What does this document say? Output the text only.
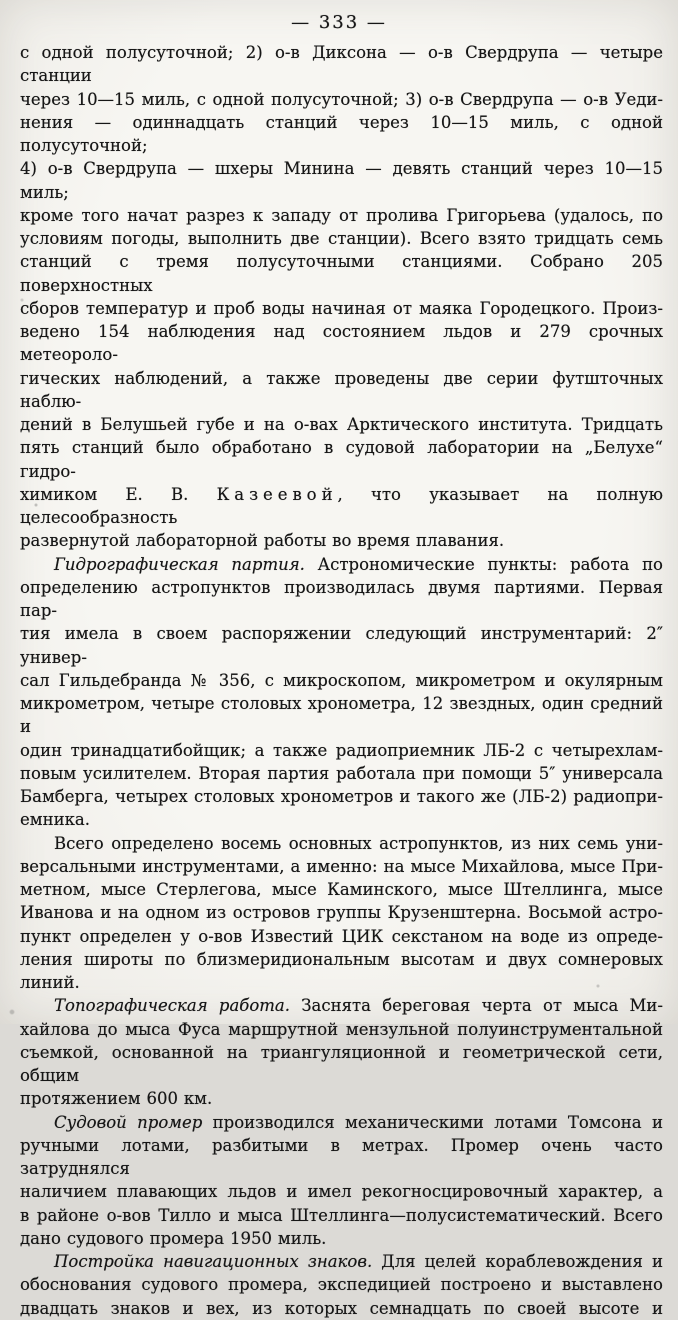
— 333 —
с одной полусуточной; 2) о-в Диксона — о-в Свердрупа — четыре станции
через 10—15 миль, с одной полусуточной; 3) о-в Свердрупа — о-в Уеди-
нения — одиннадцать станций через 10—15 миль, с одной полусуточной;
4) о-в Свердрупа — шхеры Минина — девять станций через 10—15 миль;
кроме того начат разрез к западу от пролива Григорьева (удалось, по
условиям погоды, выполнить две станции). Всего взято тридцать семь
станций с тремя полусуточными станциями. Собрано 205 поверхностных
сборов температур и проб воды начиная от маяка Городецкого. Произ-
ведено 154 наблюдения над состоянием льдов и 279 срочных метеороло-
гических наблюдений, а также проведены две серии футшточных наблю-
дений в Белушьей губе и на о-вах Арктического института. Тридцать
пять станций было обработано в судовой лаборатории на „Белухе“ гидро-
химиком Е. В. Казеевой, что указывает на полную целесообразность
развернутой лабораторной работы во время плавания.
Гидрографическая партия. Астрономические пункты: работа по
определению астропунктов производилась двумя партиями. Первая пар-
тия имела в своем распоряжении следующий инструментарий: 2″ универ-
сал Гильдебранда № 356, с микроскопом, микрометром и окулярным
микрометром, четыре столовых хронометра, 12 звездных, один средний и
один тринадцатибойщик; а также радиоприемник ЛБ-2 с четырехлам-
повым усилителем. Вторая партия работала при помощи 5″ универсала
Бамберга, четырех столовых хронометров и такого же (ЛБ-2) радиопри-
емника.
Всего определено восемь основных астропунктов, из них семь уни-
версальными инструментами, а именно: на мысе Михайлова, мысе При-
метном, мысе Стерлегова, мысе Каминского, мысе Штеллинга, мысе
Иванова и на одном из островов группы Крузенштерна. Восьмой астро-
пункт определен у о-вов Известий ЦИК секстаном на воде из опреде-
ления широты по близмеридиональным высотам и двух сомнеровых
линий.
Топографическая работа. Заснята береговая черта от мыса Ми-
хайлова до мыса Фуса маршрутной мензульной полуинструментальной
съемкой, основанной на триангуляционной и геометрической сети, общим
протяжением 600 км.
Судовой промер производился механическими лотами Томсона и
ручными лотами, разбитыми в метрах. Промер очень часто затруднялся
наличием плавающих льдов и имел рекогносцировочный характер, а
в районе о-вов Тилло и мыса Штеллинга—полусистематический. Всего
дано судового промера 1950 миль.
Постройка навигационных знаков. Для целей кораблевождения и
обоснования судового промера, экспедицией построено и выставлено
двадцать знаков и вех, из которых семнадцать по своей высоте и
